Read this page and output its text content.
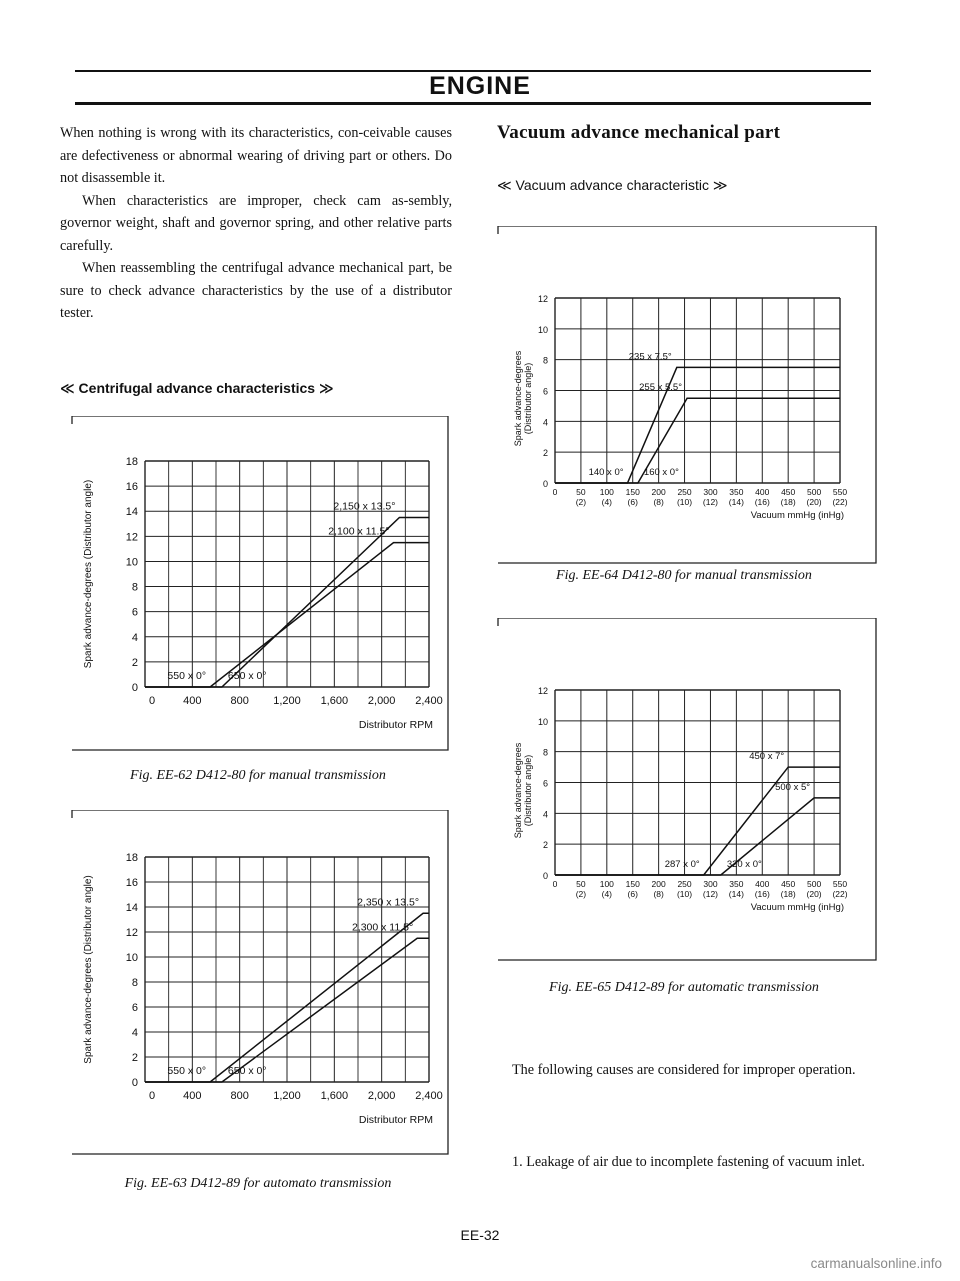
ENGINE

When nothing is wrong with its characteristics, con-ceivable causes are defectiveness or abnormal wearing of driving part or others. Do not disassemble it.

When characteristics are improper, check cam as-sembly, governor weight, shaft and governor spring, and other relative parts carefully.

When reassembling the centrifugal advance mechanical part, be sure to check advance characteristics by the use of a distributor tester.

≪ Centrifugal advance characteristics ≫
0
2
4
6
8
10
12
14
16
18
0	400	800 1,200 1,600 2,000 2,400
Distributor RPM
Spark advance-degrees (Distributor angle)
550 x 0° 650 x 0°
2,150 x 13.5°
2,100 x 11.5°
Fig. EE-62 D412-80 for manual transmission
0
2
4
6
8
10
12
14
16
18
0	400	800 1,200 1,600 2,000 2,400
Distributor RPM
Spark advance-degrees (Distributor angle)
550 x 0° 650 x 0°
2,350 x 13.5°
2,300 x 11.5°
Fig. EE-63 D412-89 for automato transmission
Vacuum advance mechanical part
≪ Vacuum advance characteristic ≫
0
2
4
6
8
10
12
0 50
(2)
100
(4)
150
(6)
200
(8)
250
(10)
300
(12)
350
(14)
400
(16)
450
(18)
500
(20)
550
(22)
Vacuum mmHg (inHg)
Spark advance-degrees (Distributor angle)
140 x 0° 160 x 0°
235 x 7.5°
255 x 5.5°
Fig. EE-64 D412-80 for manual transmission
0
2
4
6
8
10
12
0 50
(2)
100
(4)
150
(6)
200
(8)
250
(10)
300
(12)
350
(14)
400
(16)
450
(18)
500
(20)
550
(22)
Vacuum mmHg (inHg)
Spark advance-degrees (Distributor angle)
287 x 0°	320 x 0°
450 x 7°
500 x 5°
Fig. EE-65 D412-89 for automatic transmission
The following causes are considered for improper operation.
1. Leakage of air due to incomplete fastening of vacuum inlet.
EE-32
carmanualsonline.info
